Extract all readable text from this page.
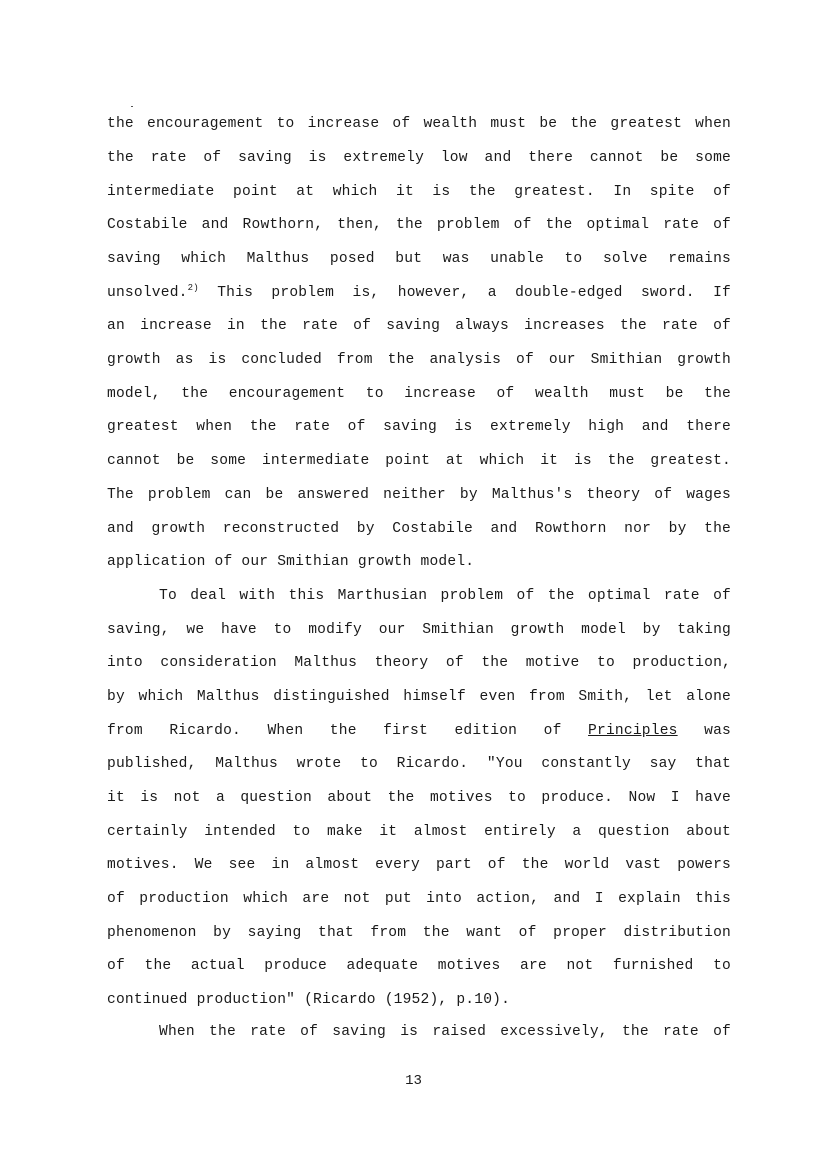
the encouragement to increase of wealth must be the greatest when
the rate of saving is extremely low and there cannot be some
intermediate point at which it is the greatest. In spite of
Costabile and Rowthorn, then, the problem of the optimal rate of
saving which Malthus posed but was unable to solve remains
unsolved.$^{2)}$ This problem is, however, a double-edged sword. If
an increase in the rate of saving always increases the rate of
growth as is concluded from the analysis of our Smithian growth
model, the encouragement to increase of wealth must be the
greatest when the rate of saving is extremely high and there
cannot be some intermediate point at which it is the greatest.
The problem can be answered neither by Malthus's theory of wages
and growth reconstructed by Costabile and Rowthorn nor by the
application of our Smithian growth model.
To deal with this Marthusian problem of the optimal rate of
saving, we have to modify our Smithian growth model by taking
into consideration Malthus theory of the motive to production,
by which Malthus distinguished himself even from Smith, let alone
from Ricardo. When the first edition of Principles was
published, Malthus wrote to Ricardo. "You constantly say that
it is not a question about the motives to produce. Now I have
certainly intended to make it almost entirely a question about
motives. We see in almost every part of the world vast powers
of production which are not put into action, and I explain this
phenomenon by saying that from the want of proper distribution
of the actual produce adequate motives are not furnished to
continued production" (Ricardo (1952), p.10).
When the rate of saving is raised excessively, the rate of
13
